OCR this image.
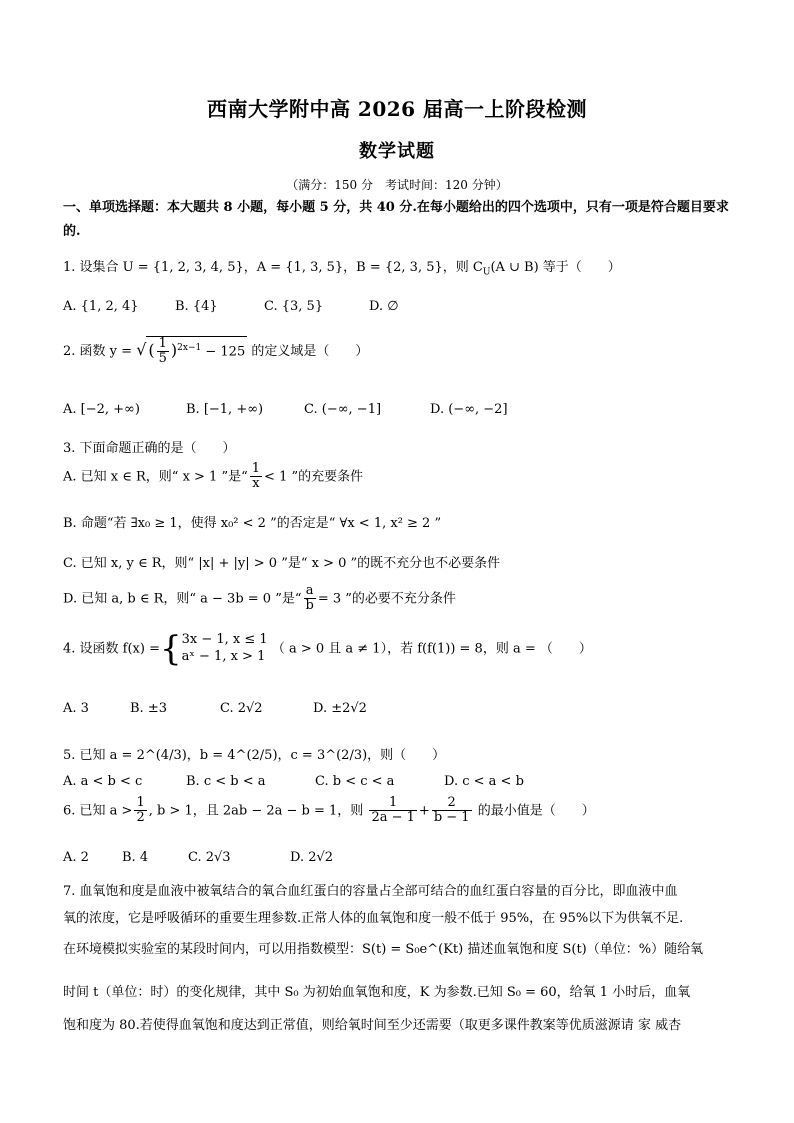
西南大学附中高 2026 届高一上阶段检测
数学试题
（满分：150 分　考试时间：120 分钟）
一、单项选择题：本大题共 8 小题，每小题 5 分，共 40 分.在每小题给出的四个选项中，只有一项是符合题目要求的.
1. 设集合 U = {1, 2, 3, 4, 5}，A = {1, 3, 5}，B = {2, 3, 5}，则 $C_U(A$ ∪ B) 等于（　　）
A. {1, 2, 4}	B. {4}	C. {3, 5}	D. ∅
2. 函数 y = √ ( $\frac{1}{5} )^{2x-1} - 125$ 的定义域是（　　）
A. [−2, +∞)	B. [−1, +∞)	C. (−∞, −1]	D. (−∞, −2]
3. 下面命题正确的是（　　）
A. 已知 x ∈ R，则“ x > 1 ”是“ $\frac{1}{x} < 1$ ”的充要条件
B. 命题“若 ∃x₀ ≥ 1，使得 x₀² < 2 ”的否定是“ ∀x < 1, x² ≥ 2 ”
C. 已知 x, y ∈ R，则“ |x| + |y| > 0 ”是“ x > 0 ”的既不充分也不必要条件
D. 已知 a, b ∈ R，则“ a − 3b = 0 ”是“ $\frac{a}{b} = 3$ ”的必要不充分条件
4. 设函数 f(x) ={ 3x − 1, x ≤ 1
aˣ − 1, x > 1 （ a > 0 且 a ≠ 1），若 f(f(1)) = 8，则 a = （　　）
A. 3	B. ±3	C. 2√2	D. ±2√2
5. 已知 a = 2^(4/3)，b = 4^(2/5)，c = 3^(2/3)，则（　　）
A. a < b < c	B. c < b < a	C. b < c < a	D. c < a < b
6. 已知 $a > \frac{1}{2}$ , b > 1，且 2ab − 2a − b = 1，则 $\frac{1}{2a - 1} + \frac{2}{b - 1}$ 的最小值是（　　）
A. 2	B. 4	C. 2√3	D. 2√2
7. 血氧饱和度是血液中被氧结合的氧合血红蛋白的容量占全部可结合的血红蛋白容量的百分比，即血液中血
氧的浓度，它是呼吸循环的重要生理参数.正常人体的血氧饱和度一般不低于 95%，在 95%以下为供氧不足.
在环境模拟实验室的某段时间内，可以用指数模型：S(t) = S₀e^(Kt) 描述血氧饱和度 S(t)（单位：%）随给氧
时间 t（单位：时）的变化规律，其中 S₀ 为初始血氧饱和度，K 为参数.已知 S₀ = 60，给氧 1 小时后，血氧
饱和度为 80.若使得血氧饱和度达到正常值，则给氧时间至少还需要（取更多课件教案等优质滋源请 家 威杏
